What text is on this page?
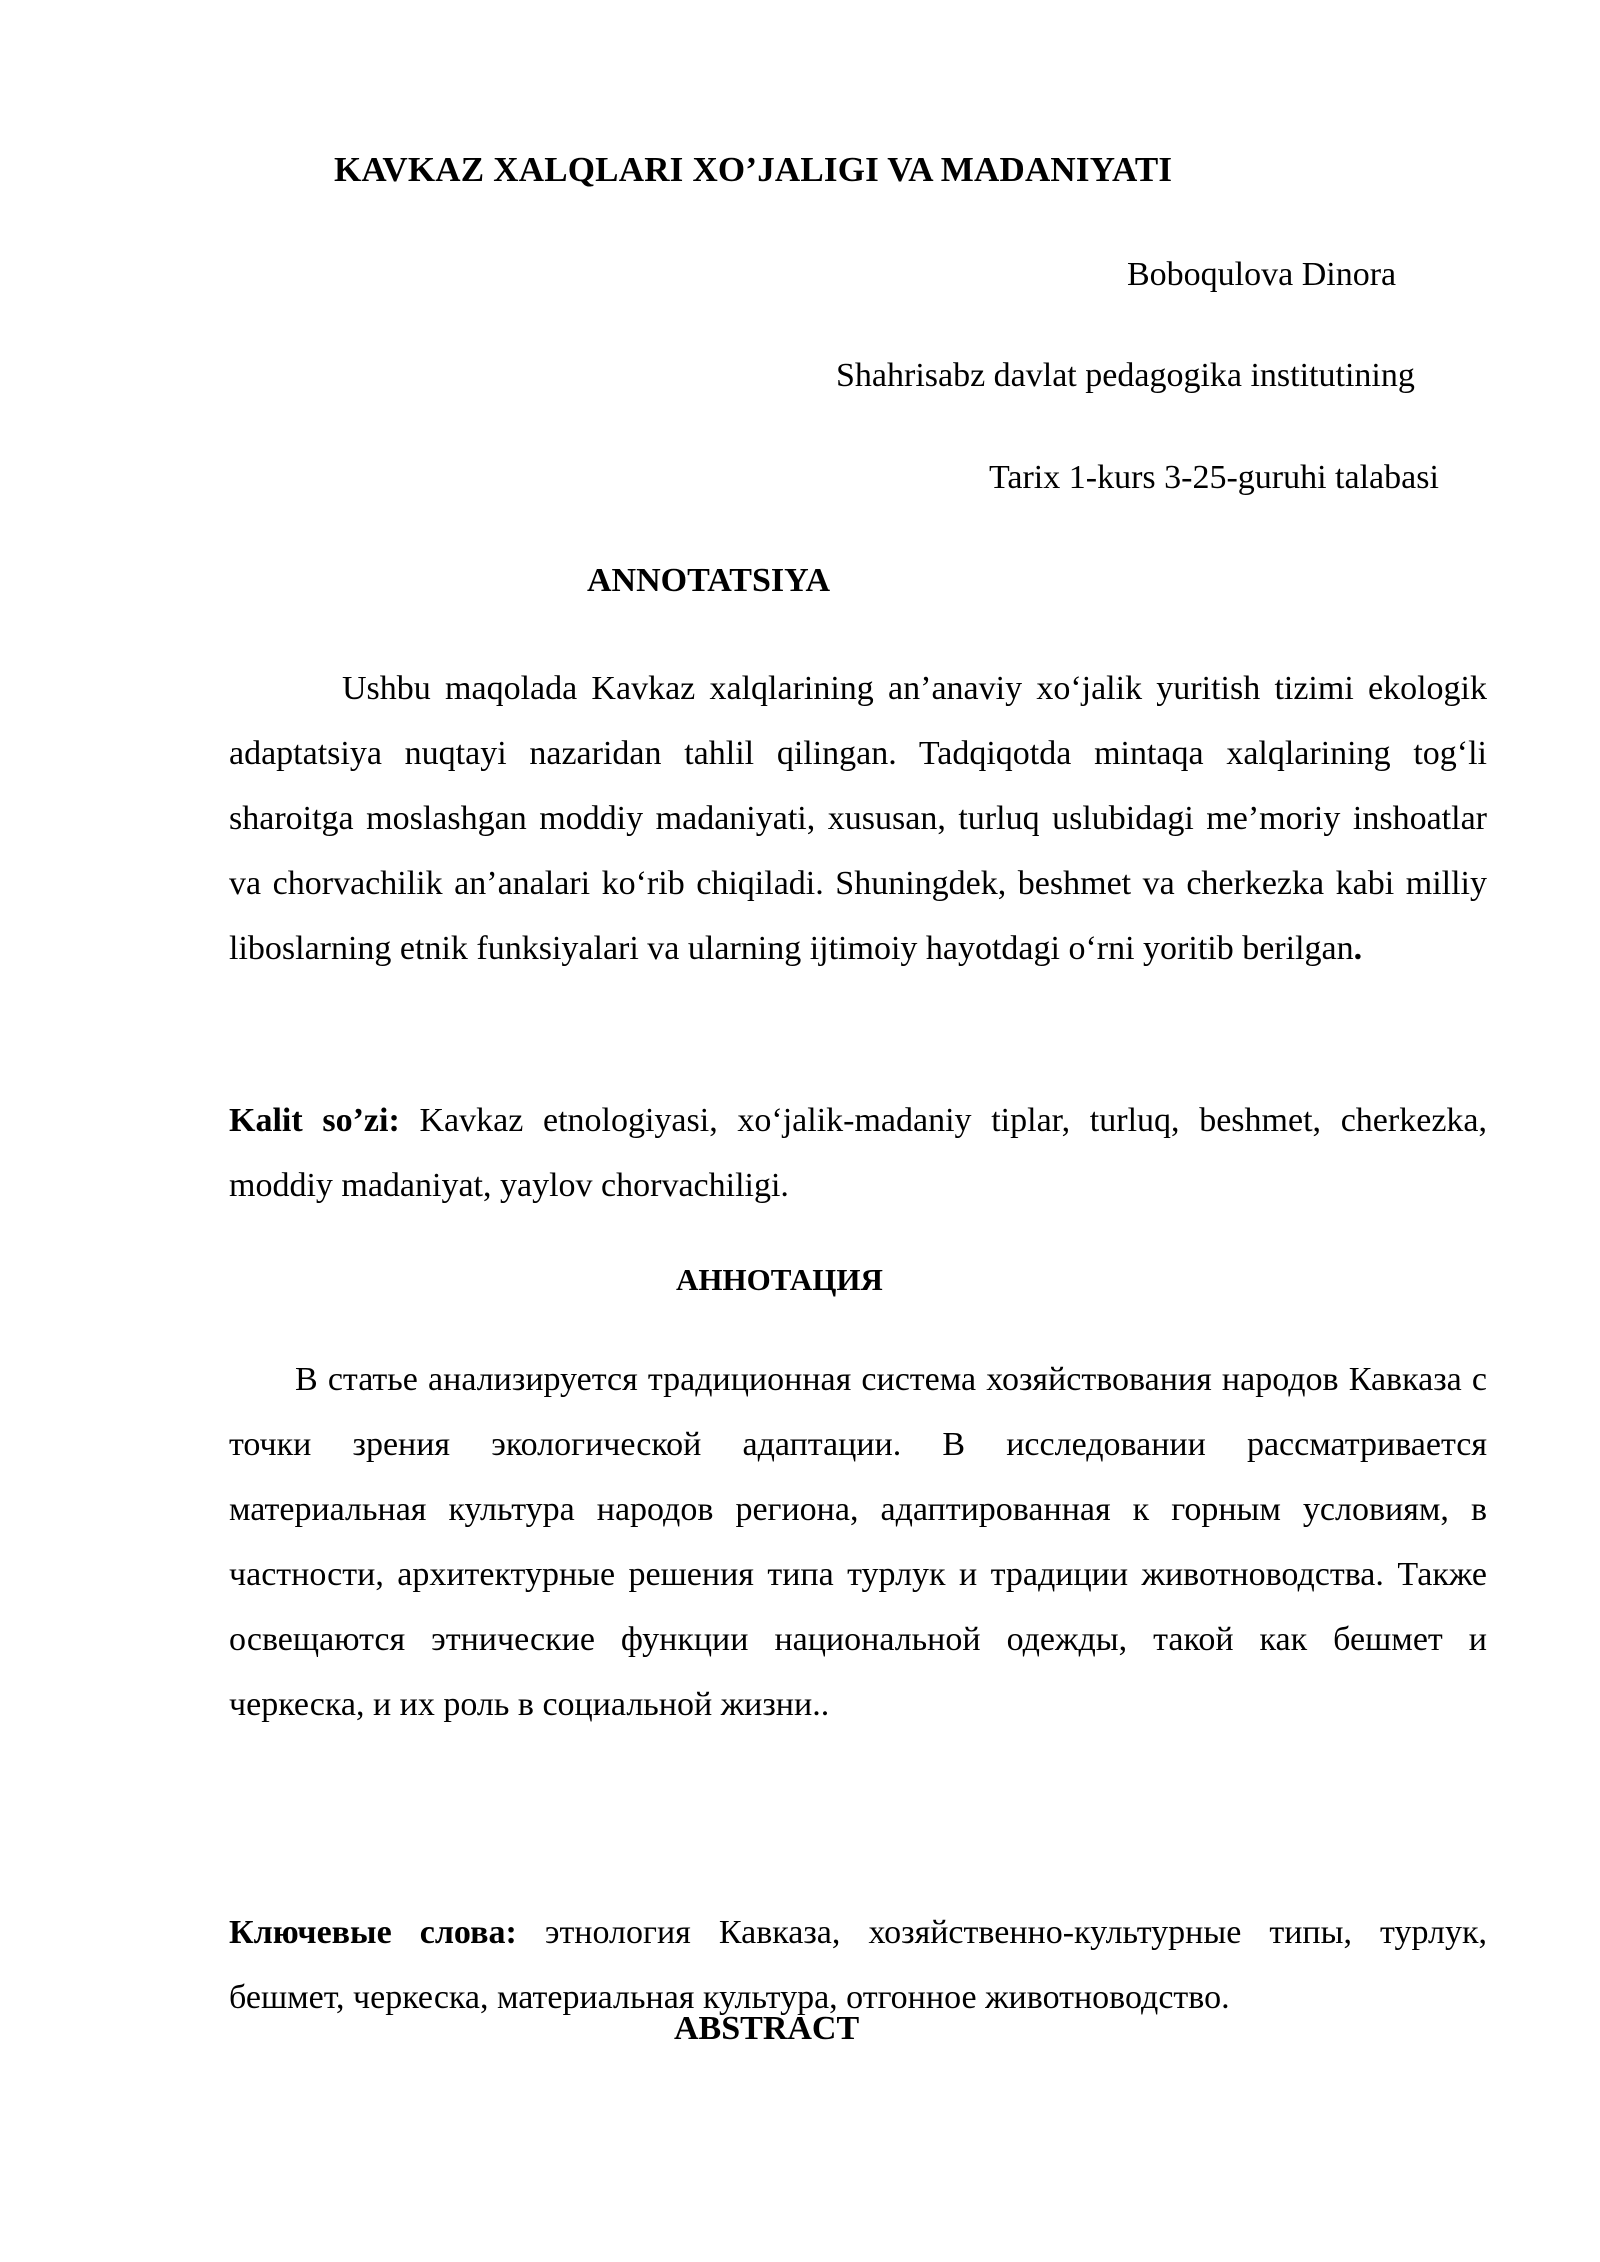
KAVKAZ XALQLARI XO’JALIGI VA MADANIYATI

Boboqulova Dinora

Shahrisabz davlat pedagogika institutining

Tarix 1-kurs 3-25-guruhi talabasi

ANNOTATSIYA

Ushbu maqolada Kavkaz xalqlarining an’anaviy xo‘jalik yuritish tizimi ekologik adaptatsiya nuqtayi nazaridan tahlil qilingan. Tadqiqotda mintaqa xalqlarining tog‘li sharoitga moslashgan moddiy madaniyati, xususan, turluq uslubidagi me’moriy inshoatlar va chorvachilik an’analari ko‘rib chiqiladi. Shuningdek, beshmet va cherkezka kabi milliy liboslarning etnik funksiyalari va ularning ijtimoiy hayotdagi o‘rni yoritib berilgan.

Kalit so’zi: Kavkaz etnologiyasi, xo‘jalik-madaniy tiplar, turluq, beshmet, cherkezka, moddiy madaniyat, yaylov chorvachiligi.

АННОТАЦИЯ

В статье анализируется традиционная система хозяйствования народов Кавказа с точки зрения экологической адаптации. В исследовании рассматривается материальная культура народов региона, адаптированная к горным условиям, в частности, архитектурные решения типа турлук и традиции животноводства. Также освещаются этнические функции национальной одежды, такой как бешмет и черкеска, и их роль в социальной жизни..

Ключевые слова: этнология Кавказа, хозяйственно-культурные типы, турлук, бешмет, черкеска, материальная культура, отгонное животноводство.

ABSTRACT
